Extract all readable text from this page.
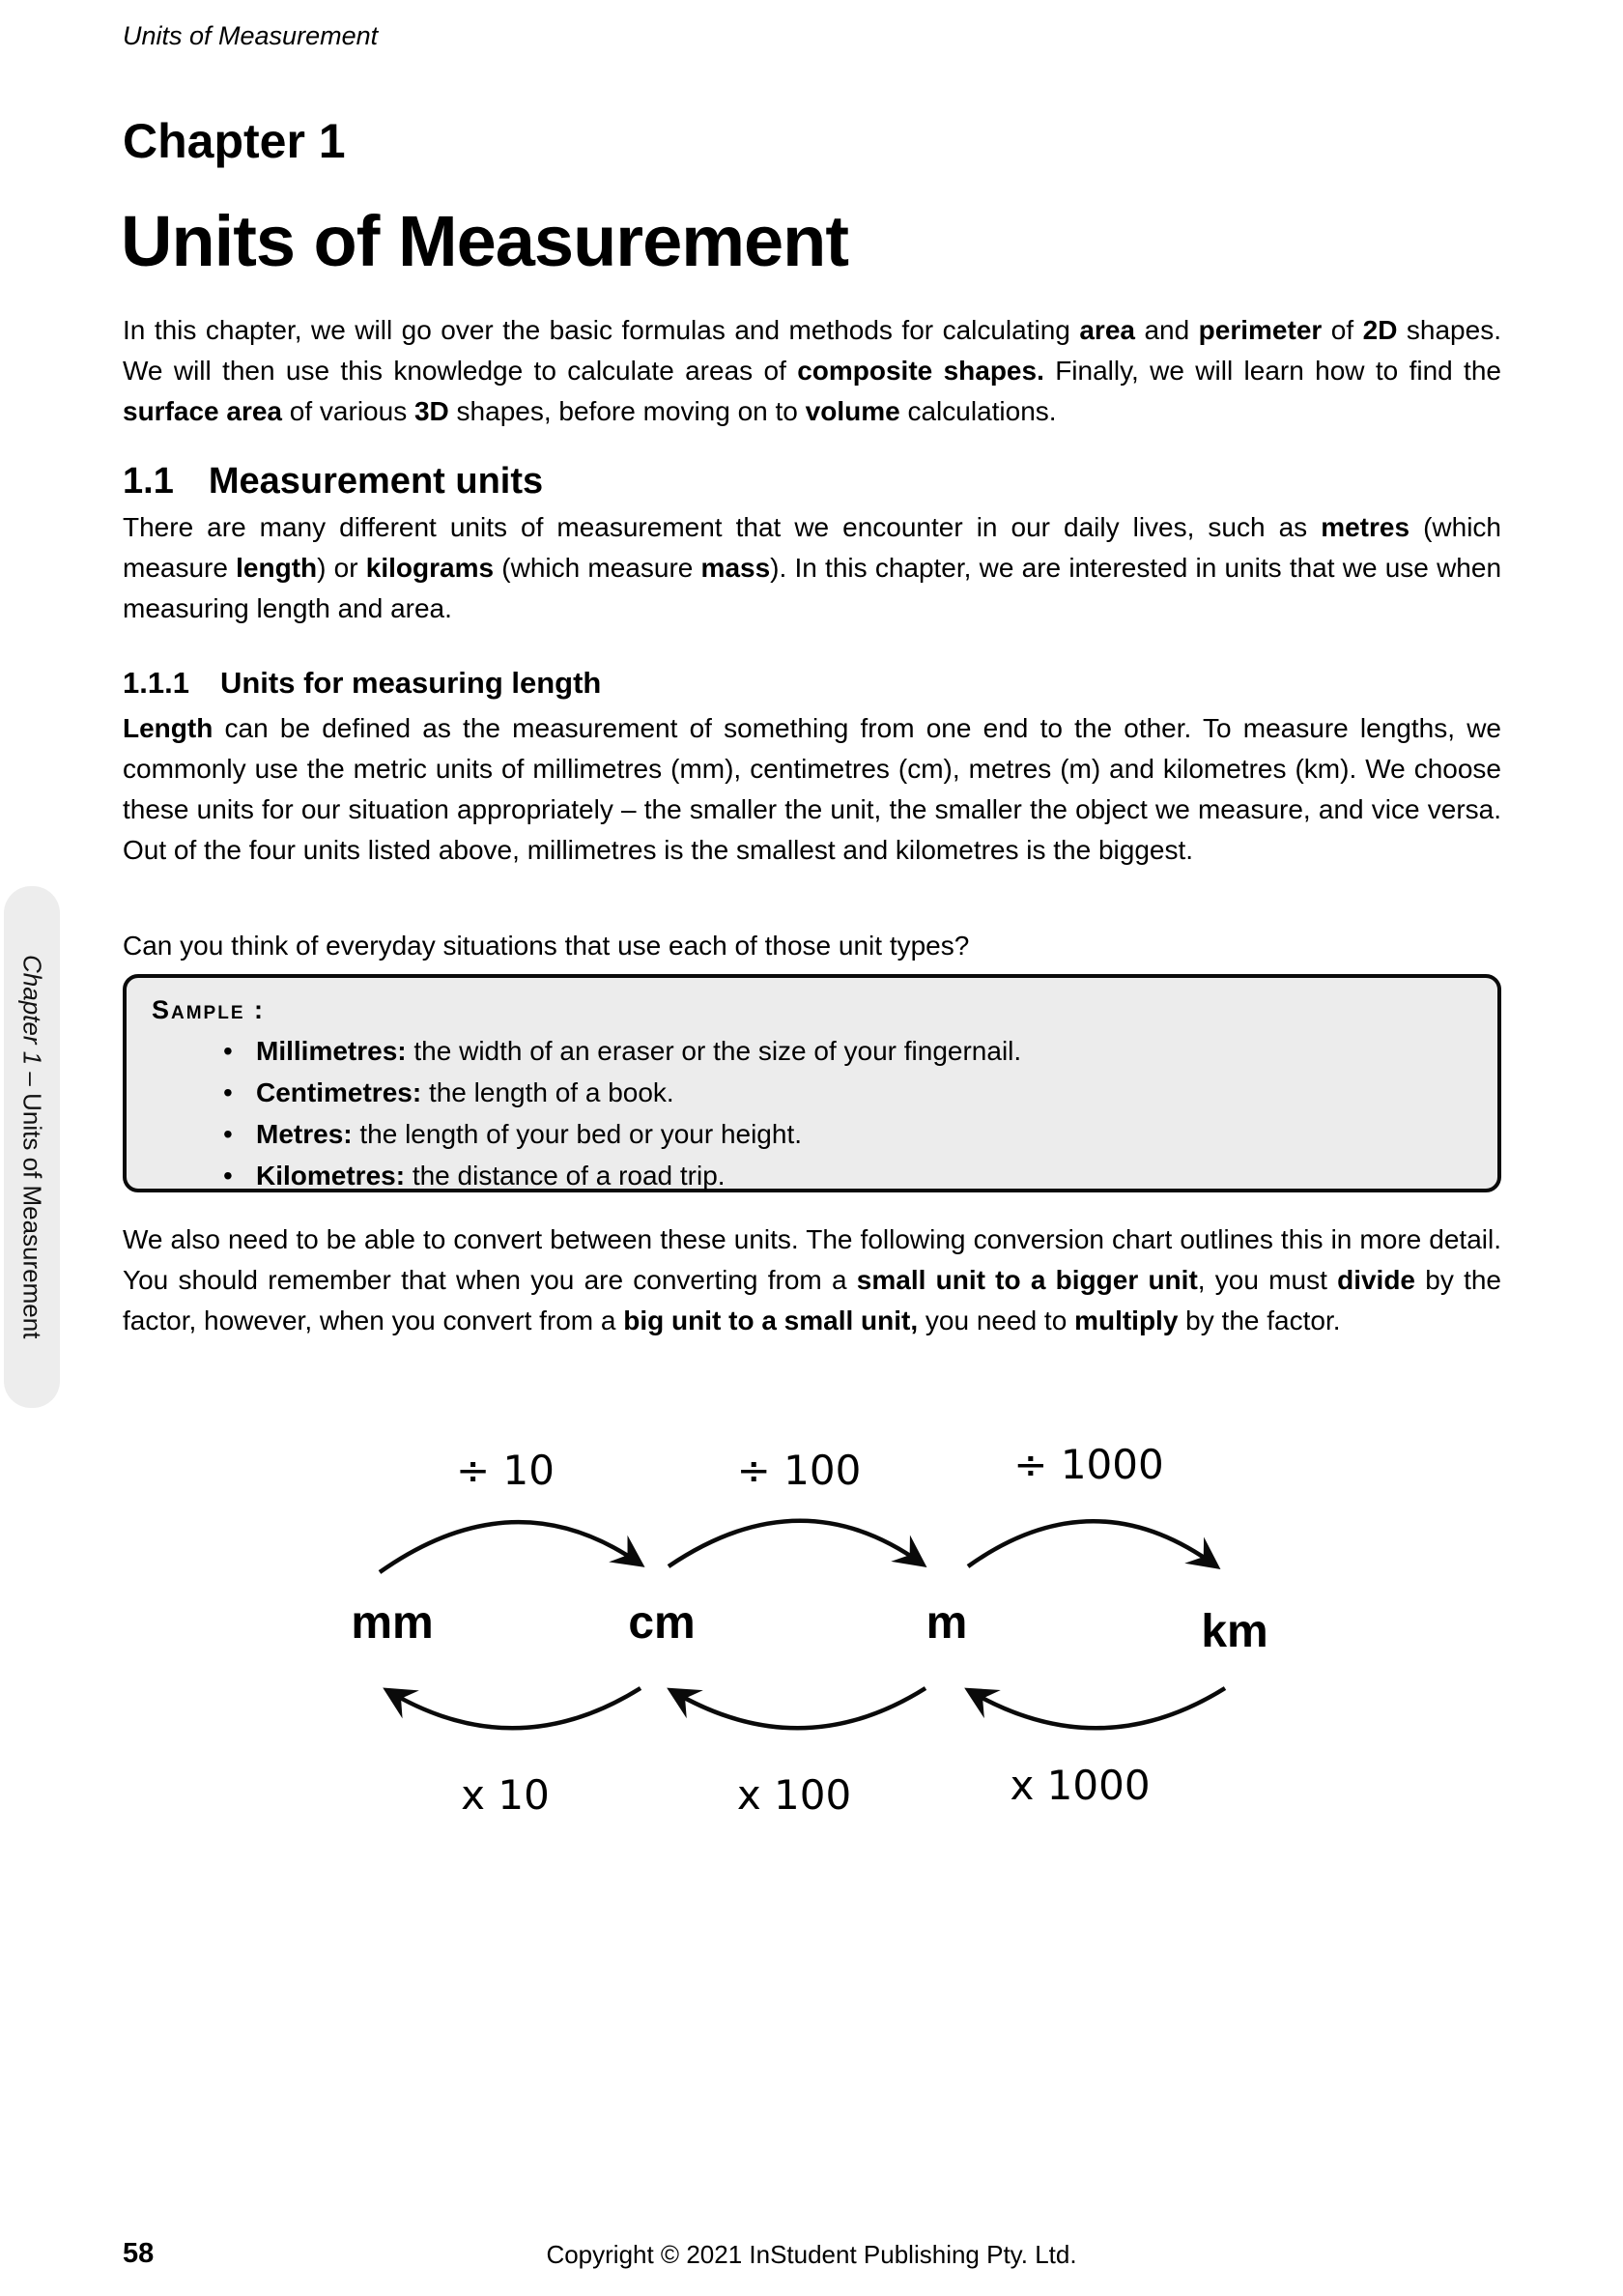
Units of Measurement
Chapter 1
Units of Measurement
In this chapter, we will go over the basic formulas and methods for calculating area and perimeter of 2D shapes. We will then use this knowledge to calculate areas of composite shapes. Finally, we will learn how to find the surface area of various 3D shapes, before moving on to volume calculations.
1.1 Measurement units
There are many different units of measurement that we encounter in our daily lives, such as metres (which measure length) or kilograms (which measure mass). In this chapter, we are interested in units that we use when measuring length and area.
1.1.1 Units for measuring length
Length can be defined as the measurement of something from one end to the other. To measure lengths, we commonly use the metric units of millimetres (mm), centimetres (cm), metres (m) and kilometres (km). We choose these units for our situation appropriately – the smaller the unit, the smaller the object we measure, and vice versa. Out of the four units listed above, millimetres is the smallest and kilometres is the biggest.
Can you think of everyday situations that use each of those unit types?
Sample :
• Millimetres: the width of an eraser or the size of your fingernail.
• Centimetres: the length of a book.
• Metres: the length of your bed or your height.
• Kilometres: the distance of a road trip.
We also need to be able to convert between these units. The following conversion chart outlines this in more detail. You should remember that when you are converting from a small unit to a bigger unit, you must divide by the factor, however, when you convert from a big unit to a small unit, you need to multiply by the factor.
÷ 10	÷ 100	÷ 1000
mm	cm	m	km
x 10	x 100	x 1000
Chapter 1 – Units of Measurement
58	Copyright © 2021 InStudent Publishing Pty. Ltd.
